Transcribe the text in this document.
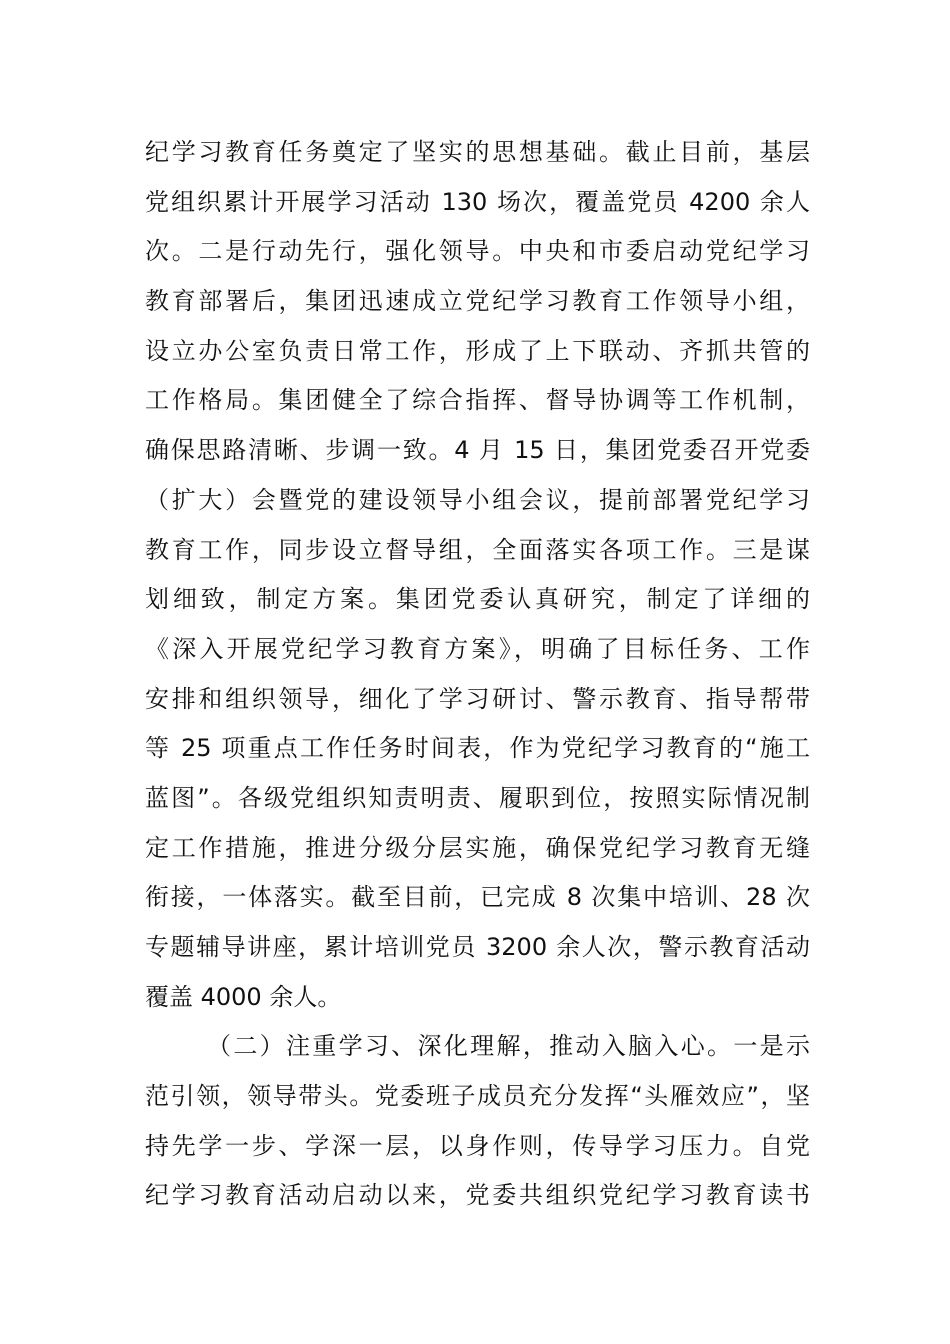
纪学习教育任务奠定了坚实的思想基础。截止目前，基层
党组织累计开展学习活动 130 场次，覆盖党员 4200 余人
次。二是行动先行，强化领导。中央和市委启动党纪学习
教育部署后，集团迅速成立党纪学习教育工作领导小组，
设立办公室负责日常工作，形成了上下联动、齐抓共管的
工作格局。集团健全了综合指挥、督导协调等工作机制，
确保思路清晰、步调一致。4 月 15 日，集团党委召开党委
（扩大）会暨党的建设领导小组会议，提前部署党纪学习
教育工作，同步设立督导组，全面落实各项工作。三是谋
划细致，制定方案。集团党委认真研究，制定了详细的
《深入开展党纪学习教育方案》，明确了目标任务、工作
安排和组织领导，细化了学习研讨、警示教育、指导帮带
等 25 项重点工作任务时间表，作为党纪学习教育的“施工
蓝图”。各级党组织知责明责、履职到位，按照实际情况制
定工作措施，推进分级分层实施，确保党纪学习教育无缝
衔接，一体落实。截至目前，已完成 8 次集中培训、28 次
专题辅导讲座，累计培训党员 3200 余人次，警示教育活动
覆盖 4000 余人。
（二）注重学习、深化理解，推动入脑入心。一是示
范引领，领导带头。党委班子成员充分发挥“头雁效应”，坚
持先学一步、学深一层，以身作则，传导学习压力。自党
纪学习教育活动启动以来，党委共组织党纪学习教育读书
